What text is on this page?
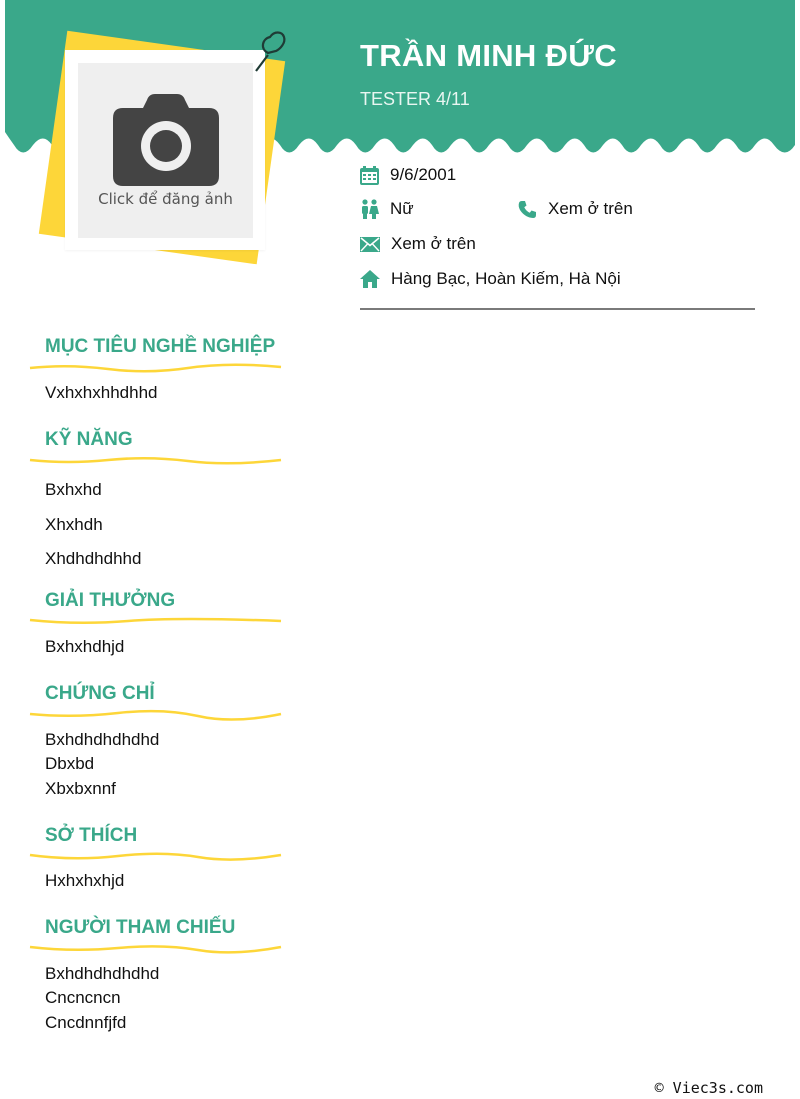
Click để đăng ảnh
TRẦN MINH ĐỨC
TESTER 4/11
9/6/2001
Nữ	Xem ở trên
Xem ở trên
Hàng Bạc, Hoàn Kiếm, Hà Nội
MỤC TIÊU NGHỀ NGHIỆP
Vxhxhxhhdhhd
KỸ NĂNG
Bxhxhd
Xhxhdh
Xhdhdhdhhd
GIẢI THƯỞNG
Bxhxhdhjd
CHỨNG CHỈ
Bxhdhdhdhdhd
Dbxbd
Xbxbxnnf
SỞ THÍCH
Hxhxhxhjd
NGƯỜI THAM CHIẾU
Bxhdhdhdhdhd
Cncncncn
Cncdnnfjfd
© Viec3s.com
